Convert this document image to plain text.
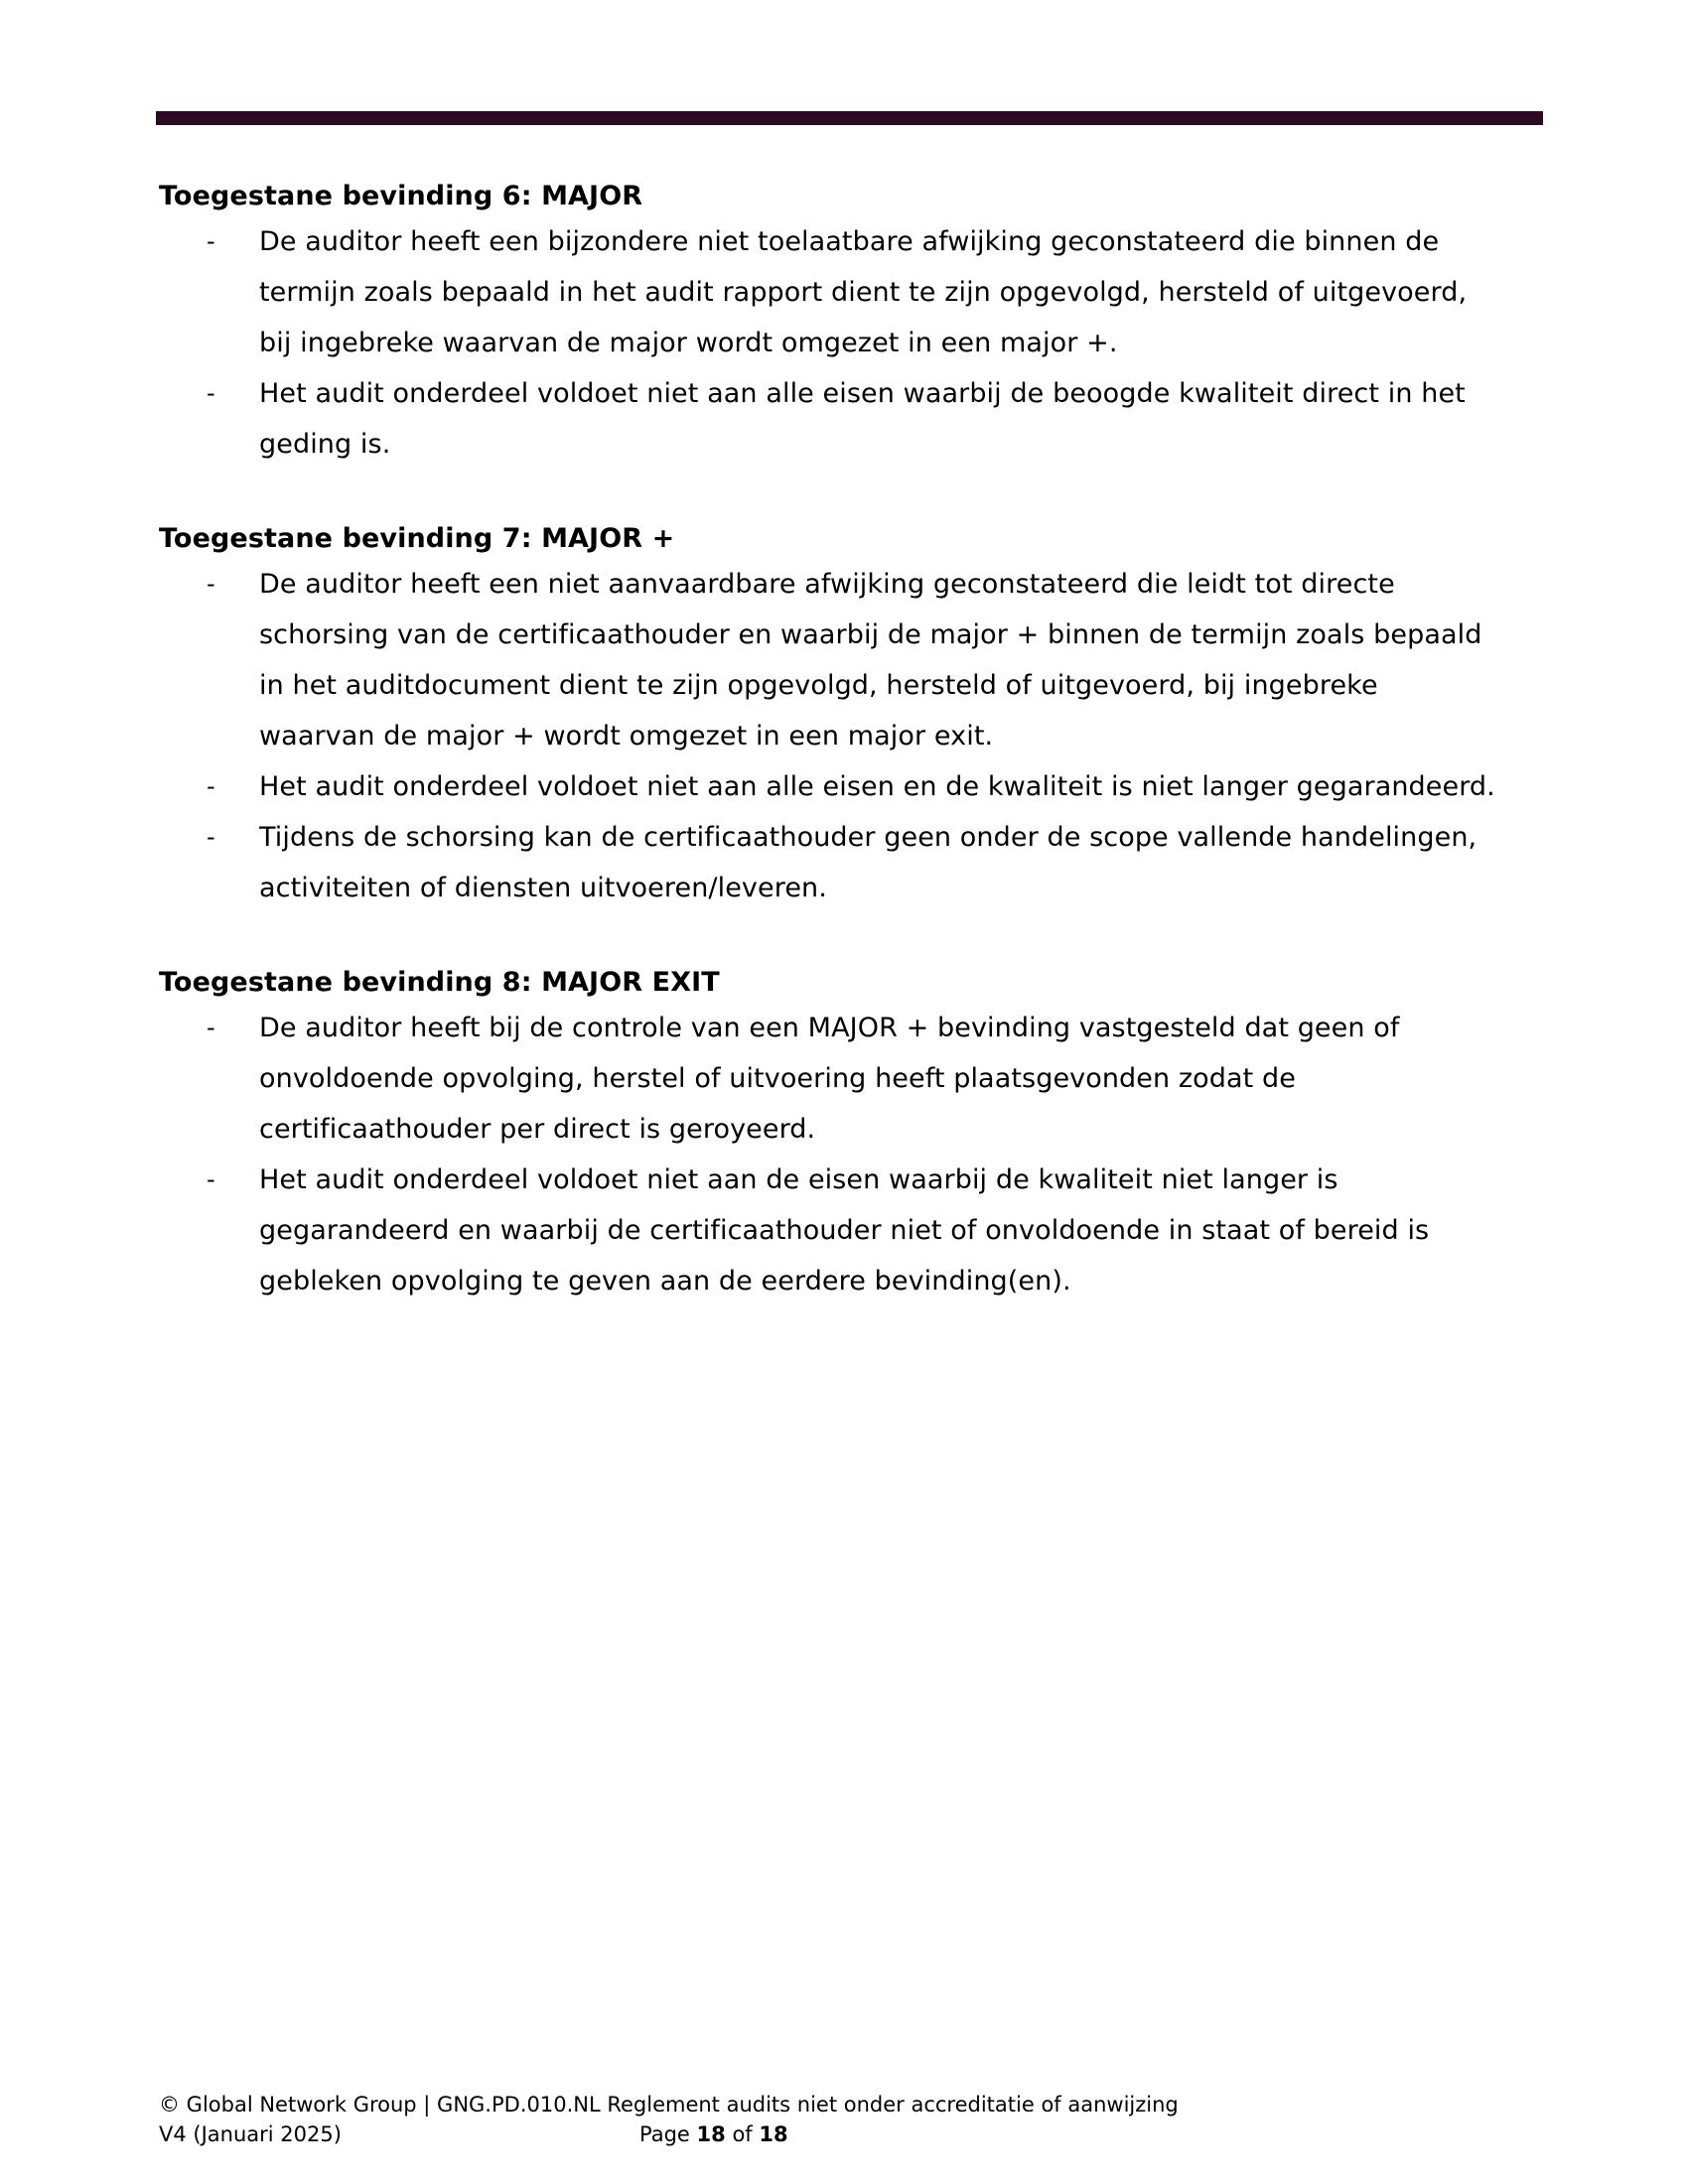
Toegestane bevinding 6: MAJOR
- De auditor heeft een bijzondere niet toelaatbare afwijking geconstateerd die binnen de
termijn zoals bepaald in het audit rapport dient te zijn opgevolgd, hersteld of uitgevoerd,
bij ingebreke waarvan de major wordt omgezet in een major +.
- Het audit onderdeel voldoet niet aan alle eisen waarbij de beoogde kwaliteit direct in het
geding is.
Toegestane bevinding 7: MAJOR +
- De auditor heeft een niet aanvaardbare afwijking geconstateerd die leidt tot directe
schorsing van de certificaathouder en waarbij de major + binnen de termijn zoals bepaald
in het auditdocument dient te zijn opgevolgd, hersteld of uitgevoerd, bij ingebreke
waarvan de major + wordt omgezet in een major exit.
- Het audit onderdeel voldoet niet aan alle eisen en de kwaliteit is niet langer gegarandeerd.
- Tijdens de schorsing kan de certificaathouder geen onder de scope vallende handelingen,
activiteiten of diensten uitvoeren/leveren.
Toegestane bevinding 8: MAJOR EXIT
- De auditor heeft bij de controle van een MAJOR + bevinding vastgesteld dat geen of
onvoldoende opvolging, herstel of uitvoering heeft plaatsgevonden zodat de
certificaathouder per direct is geroyeerd.
- Het audit onderdeel voldoet niet aan de eisen waarbij de kwaliteit niet langer is
gegarandeerd en waarbij de certificaathouder niet of onvoldoende in staat of bereid is
gebleken opvolging te geven aan de eerdere bevinding(en).
© Global Network Group | GNG.PD.010.NL Reglement audits niet onder accreditatie of aanwijzing
V4 (Januari 2025)	Page 18 of 18
